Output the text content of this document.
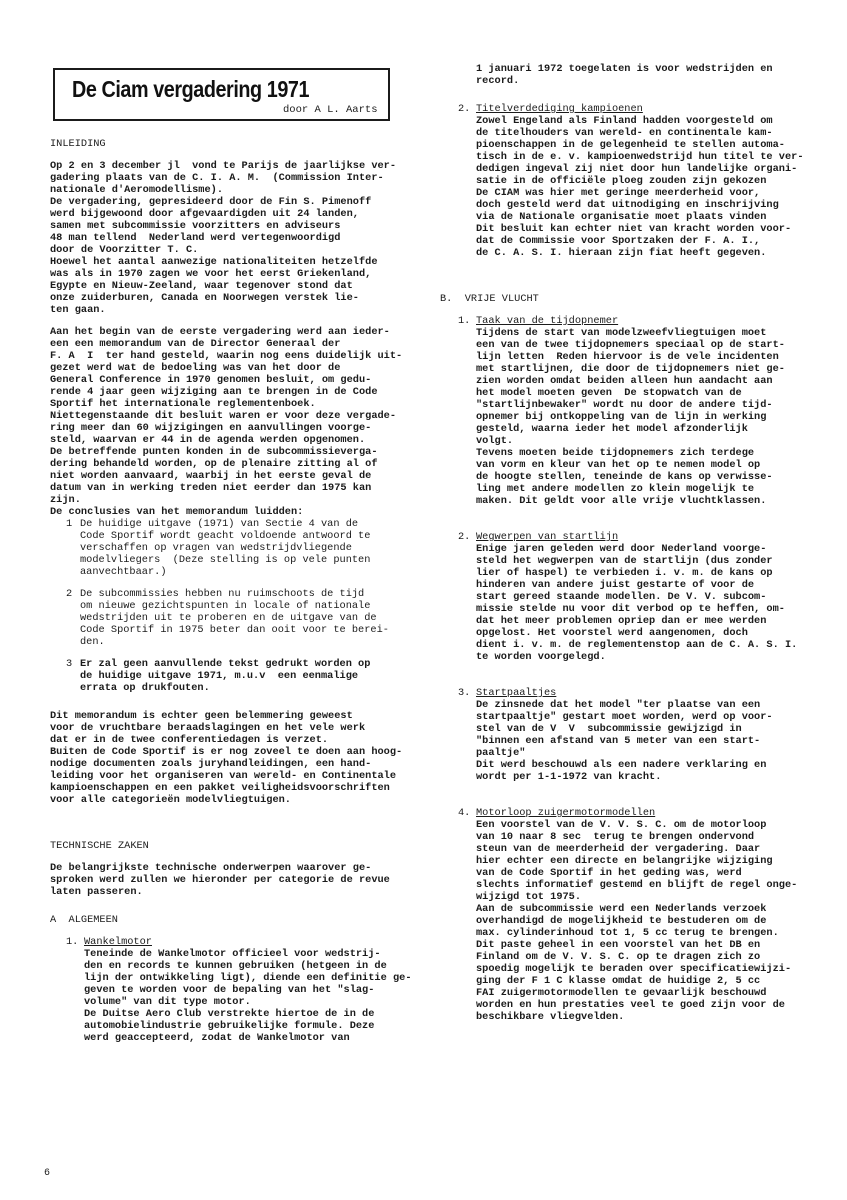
De Ciam vergadering 1971
door A L. Aarts

INLEIDING

Op 2 en 3 december jl  vond te Parijs de jaarlijkse ver-
gadering plaats van de C. I. A. M.  (Commission Inter-
nationale d'Aeromodellisme).
De vergadering, gepresideerd door de Fin S. Pimenoff
werd bijgewoond door afgevaardigden uit 24 landen,
samen met subcommissie voorzitters en adviseurs
48 man tellend  Nederland werd vertegenwoordigd
door de Voorzitter T. C.
Hoewel het aantal aanwezige nationaliteiten hetzelfde
was als in 1970 zagen we voor het eerst Griekenland,
Egypte en Nieuw-Zeeland, waar tegenover stond dat
onze zuiderburen, Canada en Noorwegen verstek lie-
ten gaan.

Aan het begin van de eerste vergadering werd aan ieder-
een een memorandum van de Director Generaal der
F. A  I  ter hand gesteld, waarin nog eens duidelijk uit-
gezet werd wat de bedoeling was van het door de
General Conference in 1970 genomen besluit, om gedu-
rende 4 jaar geen wijziging aan te brengen in de Code
Sportif het internationale reglementenboek.
Niettegenstaande dit besluit waren er voor deze vergade-
ring meer dan 60 wijzigingen en aanvullingen voorge-
steld, waarvan er 44 in de agenda werden opgenomen.
De betreffende punten konden in de subcommissieverga-
dering behandeld worden, op de plenaire zitting al of
niet worden aanvaard, waarbij in het eerste geval de
datum van in werking treden niet eerder dan 1975 kan
zijn.
De conclusies van het memorandum luidden:

1 De huidige uitgave (1971) van Sectie 4 van de
Code Sportif wordt geacht voldoende antwoord te
verschaffen op vragen van wedstrijdvliegende
modelvliegers  (Deze stelling is op vele punten
aanvechtbaar.)

2 De subcommissies hebben nu ruimschoots de tijd
om nieuwe gezichtspunten in locale of nationale
wedstrijden uit te proberen en de uitgave van de
Code Sportif in 1975 beter dan ooit voor te berei-
den.

3 Er zal geen aanvullende tekst gedrukt worden op
de huidige uitgave 1971, m.u.v  een eenmalige
errata op drukfouten.

Dit memorandum is echter geen belemmering geweest
voor de vruchtbare beraadslagingen en het vele werk
dat er in de twee conferentiedagen is verzet.
Buiten de Code Sportif is er nog zoveel te doen aan hoog-
nodige documenten zoals juryhandleidingen, een hand-
leiding voor het organiseren van wereld- en Continentale
kampioenschappen en een pakket veiligheidsvoorschriften
voor alle categorieën modelvliegtuigen.

TECHNISCHE ZAKEN

De belangrijkste technische onderwerpen waarover ge-
sproken werd zullen we hieronder per categorie de revue
laten passeren.

A  ALGEMEEN

1. Wankelmotor

Teneinde de Wankelmotor officieel voor wedstrij-
den en records te kunnen gebruiken (hetgeen in de
lijn der ontwikkeling ligt), diende een definitie ge-
geven te worden voor de bepaling van het "slag-
volume" van dit type motor.
De Duitse Aero Club verstrekte hiertoe de in de
automobielindustrie gebruikelijke formule. Deze
werd geaccepteerd, zodat de Wankelmotor van

1 januari 1972 toegelaten is voor wedstrijden en
record.

2. Titelverdediging kampioenen

Zowel Engeland als Finland hadden voorgesteld om
de titelhouders van wereld- en continentale kam-
pioenschappen in de gelegenheid te stellen automa-
tisch in de e. v. kampioenwedstrijd hun titel te ver-
dedigen ingeval zij niet door hun landelijke organi-
satie in de officiële ploeg zouden zijn gekozen
De CIAM was hier met geringe meerderheid voor,
doch gesteld werd dat uitnodiging en inschrijving
via de Nationale organisatie moet plaats vinden
Dit besluit kan echter niet van kracht worden voor-
dat de Commissie voor Sportzaken der F. A. I.,
de C. A. S. I. hieraan zijn fiat heeft gegeven.

B.  VRIJE VLUCHT

1. Taak van de tijdopnemer

Tijdens de start van modelzweefvliegtuigen moet
een van de twee tijdopnemers speciaal op de start-
lijn letten  Reden hiervoor is de vele incidenten
met startlijnen, die door de tijdopnemers niet ge-
zien worden omdat beiden alleen hun aandacht aan
het model moeten geven  De stopwatch van de
"startlijnbewaker" wordt nu door de andere tijd-
opnemer bij ontkoppeling van de lijn in werking
gesteld, waarna ieder het model afzonderlijk
volgt.
Tevens moeten beide tijdopnemers zich terdege
van vorm en kleur van het op te nemen model op
de hoogte stellen, teneinde de kans op verwisse-
ling met andere modellen zo klein mogelijk te
maken. Dit geldt voor alle vrije vluchtklassen.

2. Wegwerpen van startlijn

Enige jaren geleden werd door Nederland voorge-
steld het wegwerpen van de startlijn (dus zonder
lier of haspel) te verbieden i. v. m. de kans op
hinderen van andere juist gestarte of voor de
start gereed staande modellen. De V. V. subcom-
missie stelde nu voor dit verbod op te heffen, om-
dat het meer problemen opriep dan er mee werden
opgelost. Het voorstel werd aangenomen, doch
dient i. v. m. de reglementenstop aan de C. A. S. I.
te worden voorgelegd.

3. Startpaaltjes

De zinsnede dat het model "ter plaatse van een
startpaaltje" gestart moet worden, werd op voor-
stel van de V  V  subcommissie gewijzigd in
"binnen een afstand van 5 meter van een start-
paaltje"
Dit werd beschouwd als een nadere verklaring en
wordt per 1-1-1972 van kracht.

4. Motorloop zuigermotormodellen

Een voorstel van de V. V. S. C. om de motorloop
van 10 naar 8 sec  terug te brengen ondervond
steun van de meerderheid der vergadering. Daar
hier echter een directe en belangrijke wijziging
van de Code Sportif in het geding was, werd
slechts informatief gestemd en blijft de regel onge-
wijzigd tot 1975.
Aan de subcommissie werd een Nederlands verzoek
overhandigd de mogelijkheid te bestuderen om de
max. cylinderinhoud tot 1, 5 cc terug te brengen.
Dit paste geheel in een voorstel van het DB en
Finland om de V. V. S. C. op te dragen zich zo
spoedig mogelijk te beraden over specificatiewijzi-
ging der F 1 C klasse omdat de huidige 2, 5 cc
FAI zuigermotormodellen te gevaarlijk beschouwd
worden en hun prestaties veel te goed zijn voor de
beschikbare vliegvelden.

6
